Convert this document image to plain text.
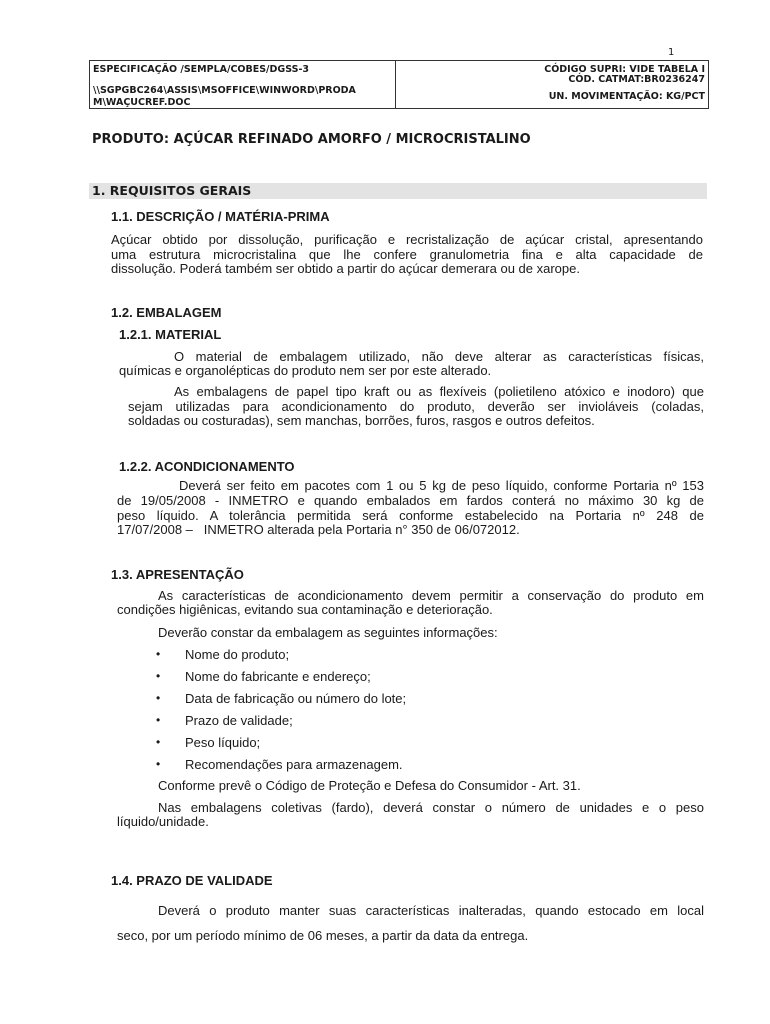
1
ESPECIFICAÇÃO /SEMPLA/COBES/DGSS-3
\\SGPGBC264\ASSIS\MSOFFICE\WINWORD\PRODA
M\WAÇUCREF.DOC
CÓDIGO SUPRI: VIDE TABELA I
CÓD. CATMAT:BR0236247
UN. MOVIMENTAÇÃO: KG/PCT
PRODUTO: AÇÚCAR REFINADO AMORFO / MICROCRISTALINO
1. REQUISITOS GERAIS
1.1. DESCRIÇÃO / MATÉRIA-PRIMA
Açúcar obtido por dissolução, purificação e recristalização de açúcar cristal, apresentando
uma estrutura microcristalina que lhe confere granulometria fina e alta capacidade de
dissolução. Poderá também ser obtido a partir do açúcar demerara ou de xarope.
1.2. EMBALAGEM
1.2.1. MATERIAL
O material de embalagem utilizado, não deve alterar as características físicas,
químicas e organolépticas do produto nem ser por este alterado.
As embalagens de papel tipo kraft ou as flexíveis (polietileno atóxico e inodoro) que
sejam utilizadas para acondicionamento do produto, deverão ser invioláveis (coladas,
soldadas ou costuradas), sem manchas, borrões, furos, rasgos e outros defeitos.
1.2.2. ACONDICIONAMENTO
Deverá ser feito em pacotes com 1 ou 5 kg de peso líquido, conforme Portaria nº 153
de 19/05/2008 - INMETRO e quando embalados em fardos conterá no máximo 30 kg de
peso líquido. A tolerância permitida será conforme estabelecido na Portaria nº 248 de
17/07/2008 –   INMETRO alterada pela Portaria n° 350 de 06/072012.
1.3. APRESENTAÇÃO
As características de acondicionamento devem permitir a conservação do produto em
condições higiênicas, evitando sua contaminação e deterioração.
Deverão constar da embalagem as seguintes informações:
• Nome do produto;
• Nome do fabricante e endereço;
• Data de fabricação ou número do lote;
• Prazo de validade;
• Peso líquido;
• Recomendações para armazenagem.
Conforme prevê o Código de Proteção e Defesa do Consumidor - Art. 31.
Nas embalagens coletivas (fardo), deverá constar o número de unidades e o peso
líquido/unidade.
1.4. PRAZO DE VALIDADE
Deverá o produto manter suas características inalteradas, quando estocado em local
seco, por um período mínimo de 06 meses, a partir da data da entrega.
